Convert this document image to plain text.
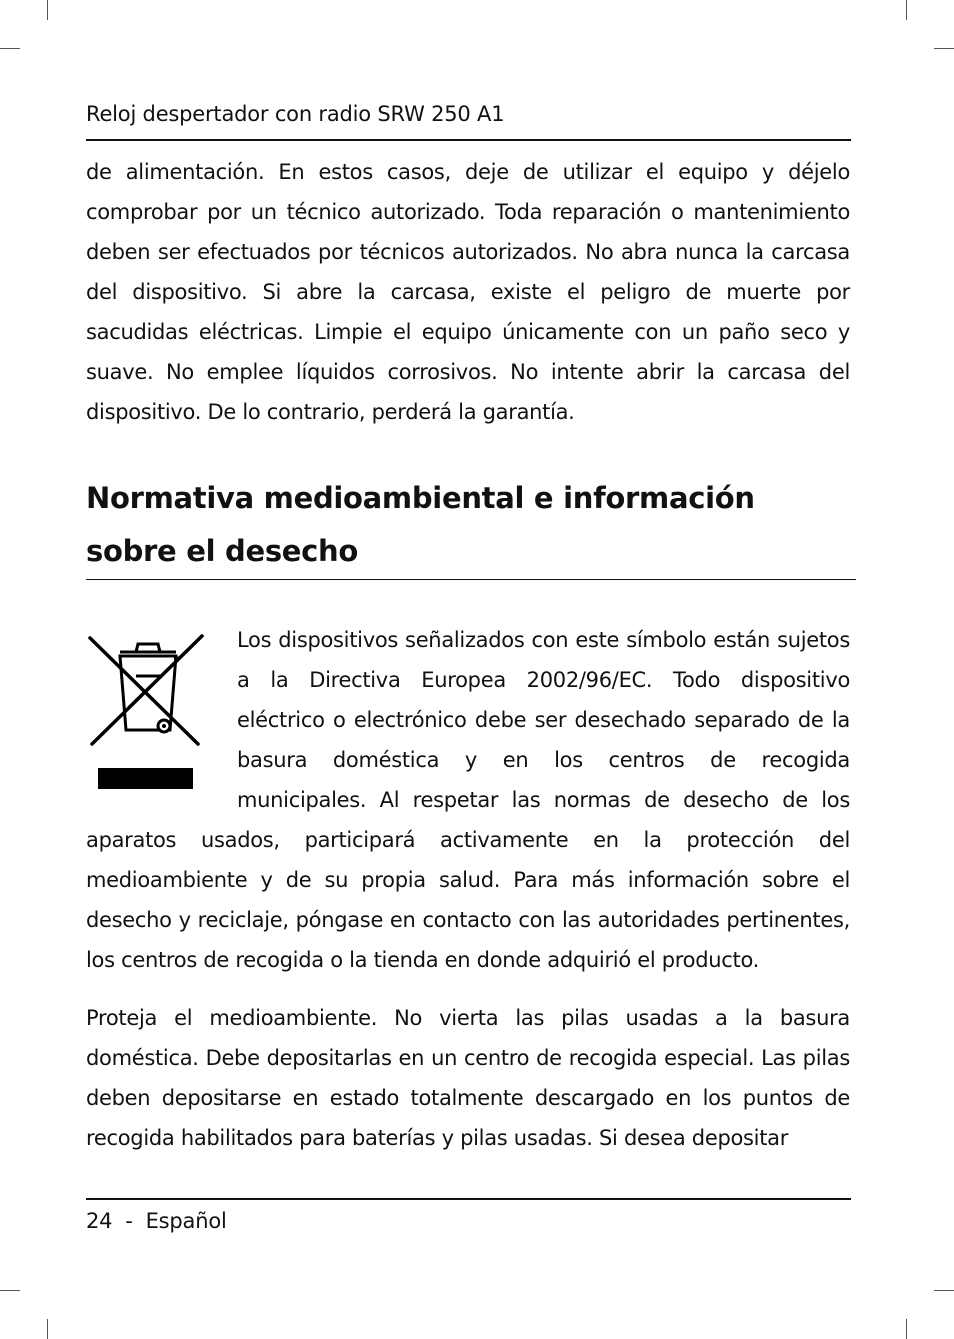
Reloj despertador con radio SRW 250 A1

de alimentación. En estos casos, deje de utilizar el equipo y déjelo comprobar por un técnico autorizado. Toda reparación o mantenimiento deben ser efectuados por técnicos autorizados. No abra nunca la carcasa del dispositivo. Si abre la carcasa, existe el peligro de muerte por sacudidas eléctricas. Limpie el equipo únicamente con un paño seco y suave. No emplee líquidos corrosivos. No intente abrir la carcasa del dispositivo. De lo contrario, perderá la garantía.

Normativa medioambiental e información sobre el desecho

Los dispositivos señalizados con este símbolo están sujetos a la Directiva Europea 2002/96/EC. Todo dispositivo eléctrico o electrónico debe ser desechado separado de la basura doméstica y en los centros de recogida municipales. Al respetar las normas de desecho de los aparatos usados, participará activamente en la protección del medioambiente y de su propia salud. Para más información sobre el desecho y reciclaje, póngase en contacto con las autoridades pertinentes, los centros de recogida o la tienda en donde adquirió el producto.

Proteja el medioambiente. No vierta las pilas usadas a la basura doméstica. Debe depositarlas en un centro de recogida especial. Las pilas deben depositarse en estado totalmente descargado en los puntos de recogida habilitados para baterías y pilas usadas. Si desea depositar

24  -  Español
